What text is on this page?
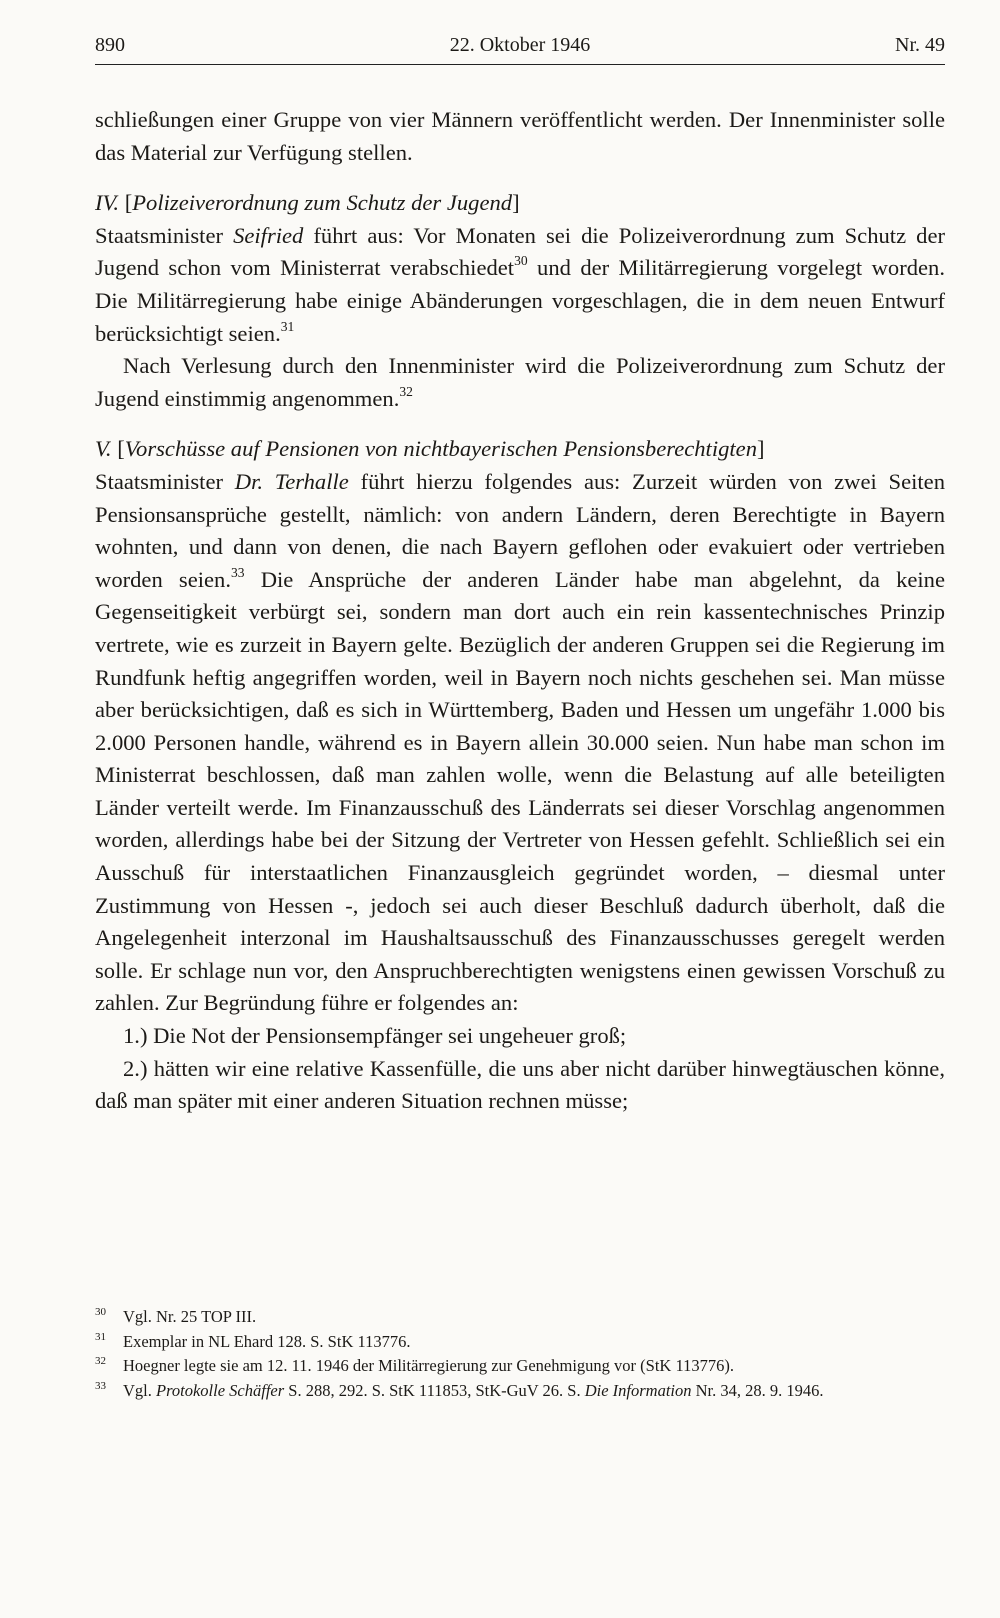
890	22. Oktober 1946	Nr. 49

schließungen einer Gruppe von vier Männern veröffentlicht werden. Der Innenminister solle das Material zur Verfügung stellen.

IV. [Polizeiverordnung zum Schutz der Jugend]

Staatsminister Seifried führt aus: Vor Monaten sei die Polizeiverordnung zum Schutz der Jugend schon vom Ministerrat verabschiedet$^{30}$ und der Militärregierung vorgelegt worden. Die Militärregierung habe einige Abänderungen vorgeschlagen, die in dem neuen Entwurf berücksichtigt seien.$^{31}$

Nach Verlesung durch den Innenminister wird die Polizeiverordnung zum Schutz der Jugend einstimmig angenommen.$^{32}$

V. [Vorschüsse auf Pensionen von nichtbayerischen Pensionsberechtigten]

Staatsminister Dr. Terhalle führt hierzu folgendes aus: Zurzeit würden von zwei Seiten Pensionsansprüche gestellt, nämlich: von andern Ländern, deren Berechtigte in Bayern wohnten, und dann von denen, die nach Bayern geflohen oder evakuiert oder vertrieben worden seien.$^{33}$ Die Ansprüche der anderen Länder habe man abgelehnt, da keine Gegenseitigkeit verbürgt sei, sondern man dort auch ein rein kassentechnisches Prinzip vertrete, wie es zurzeit in Bayern gelte. Bezüglich der anderen Gruppen sei die Regierung im Rundfunk heftig angegriffen worden, weil in Bayern noch nichts geschehen sei. Man müsse aber berücksichtigen, daß es sich in Württemberg, Baden und Hessen um ungefähr 1.000 bis 2.000 Personen handle, während es in Bayern allein 30.000 seien. Nun habe man schon im Ministerrat beschlossen, daß man zahlen wolle, wenn die Belastung auf alle beteiligten Länder verteilt werde. Im Finanzausschuß des Länderrats sei dieser Vorschlag angenommen worden, allerdings habe bei der Sitzung der Vertreter von Hessen gefehlt. Schließlich sei ein Ausschuß für interstaatlichen Finanzausgleich gegründet worden, – diesmal unter Zustimmung von Hessen -, jedoch sei auch dieser Beschluß dadurch überholt, daß die Angelegenheit interzonal im Haushaltsausschuß des Finanzausschusses geregelt werden solle. Er schlage nun vor, den Anspruchberechtigten wenigstens einen gewissen Vorschuß zu zahlen. Zur Begründung führe er folgendes an:

1.) Die Not der Pensionsempfänger sei ungeheuer groß;

2.) hätten wir eine relative Kassenfülle, die uns aber nicht darüber hinwegtäuschen könne, daß man später mit einer anderen Situation rechnen müsse;

30 Vgl. Nr. 25 TOP III.
31 Exemplar in NL Ehard 128. S. StK 113776.
32 Hoegner legte sie am 12. 11. 1946 der Militärregierung zur Genehmigung vor (StK 113776).
33 Vgl. Protokolle Schäffer S. 288, 292. S. StK 111853, StK-GuV 26. S. Die Information Nr. 34, 28. 9. 1946.
